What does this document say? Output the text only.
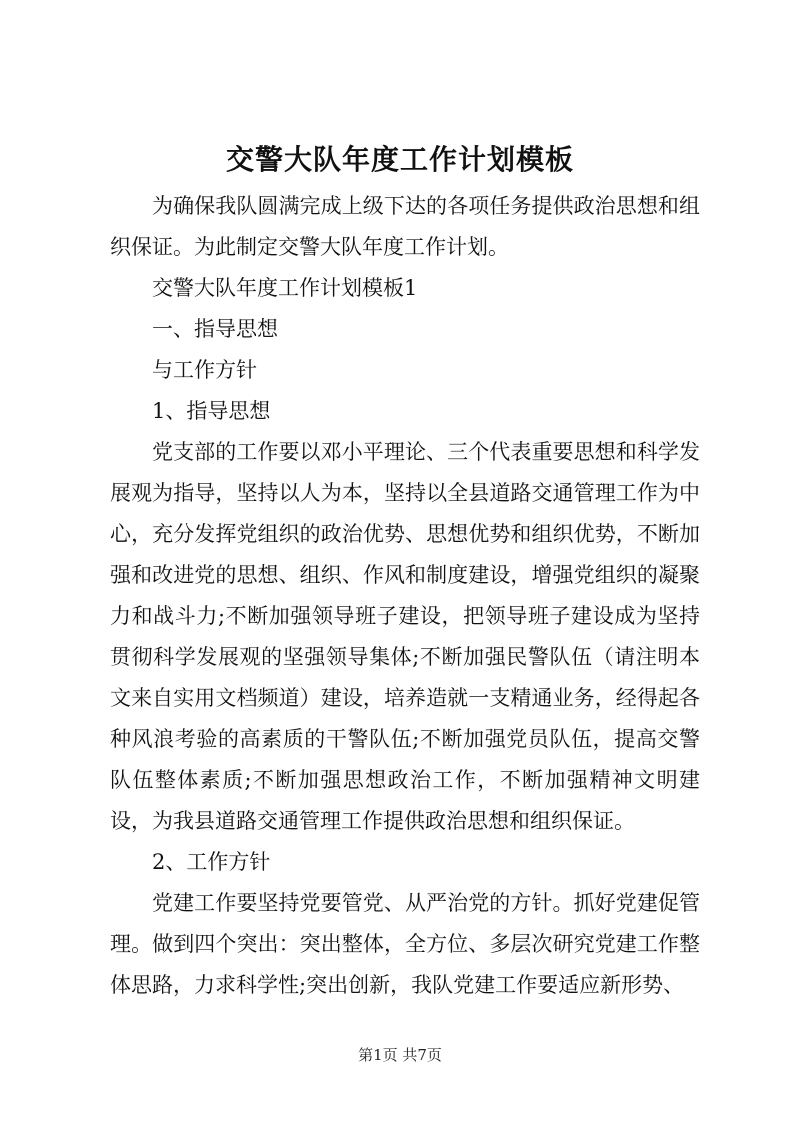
交警大队年度工作计划模板

为确保我队圆满完成上级下达的各项任务提供政治思想和组织保证。为此制定交警大队年度工作计划。

交警大队年度工作计划模板1

一、指导思想

与工作方针

1、指导思想

党支部的工作要以邓小平理论、三个代表重要思想和科学发展观为指导，坚持以人为本，坚持以全县道路交通管理工作为中心，充分发挥党组织的政治优势、思想优势和组织优势，不断加强和改进党的思想、组织、作风和制度建设，增强党组织的凝聚力和战斗力;不断加强领导班子建设，把领导班子建设成为坚持贯彻科学发展观的坚强领导集体;不断加强民警队伍（请注明本文来自实用文档频道）建设，培养造就一支精通业务，经得起各种风浪考验的高素质的干警队伍;不断加强党员队伍，提高交警队伍整体素质;不断加强思想政治工作，不断加强精神文明建设，为我县道路交通管理工作提供政治思想和组织保证。

2、工作方针

党建工作要坚持党要管党、从严治党的方针。抓好党建促管理。做到四个突出：突出整体，全方位、多层次研究党建工作整体思路，力求科学性;突出创新，我队党建工作要适应新形势、

第1页 共7页
